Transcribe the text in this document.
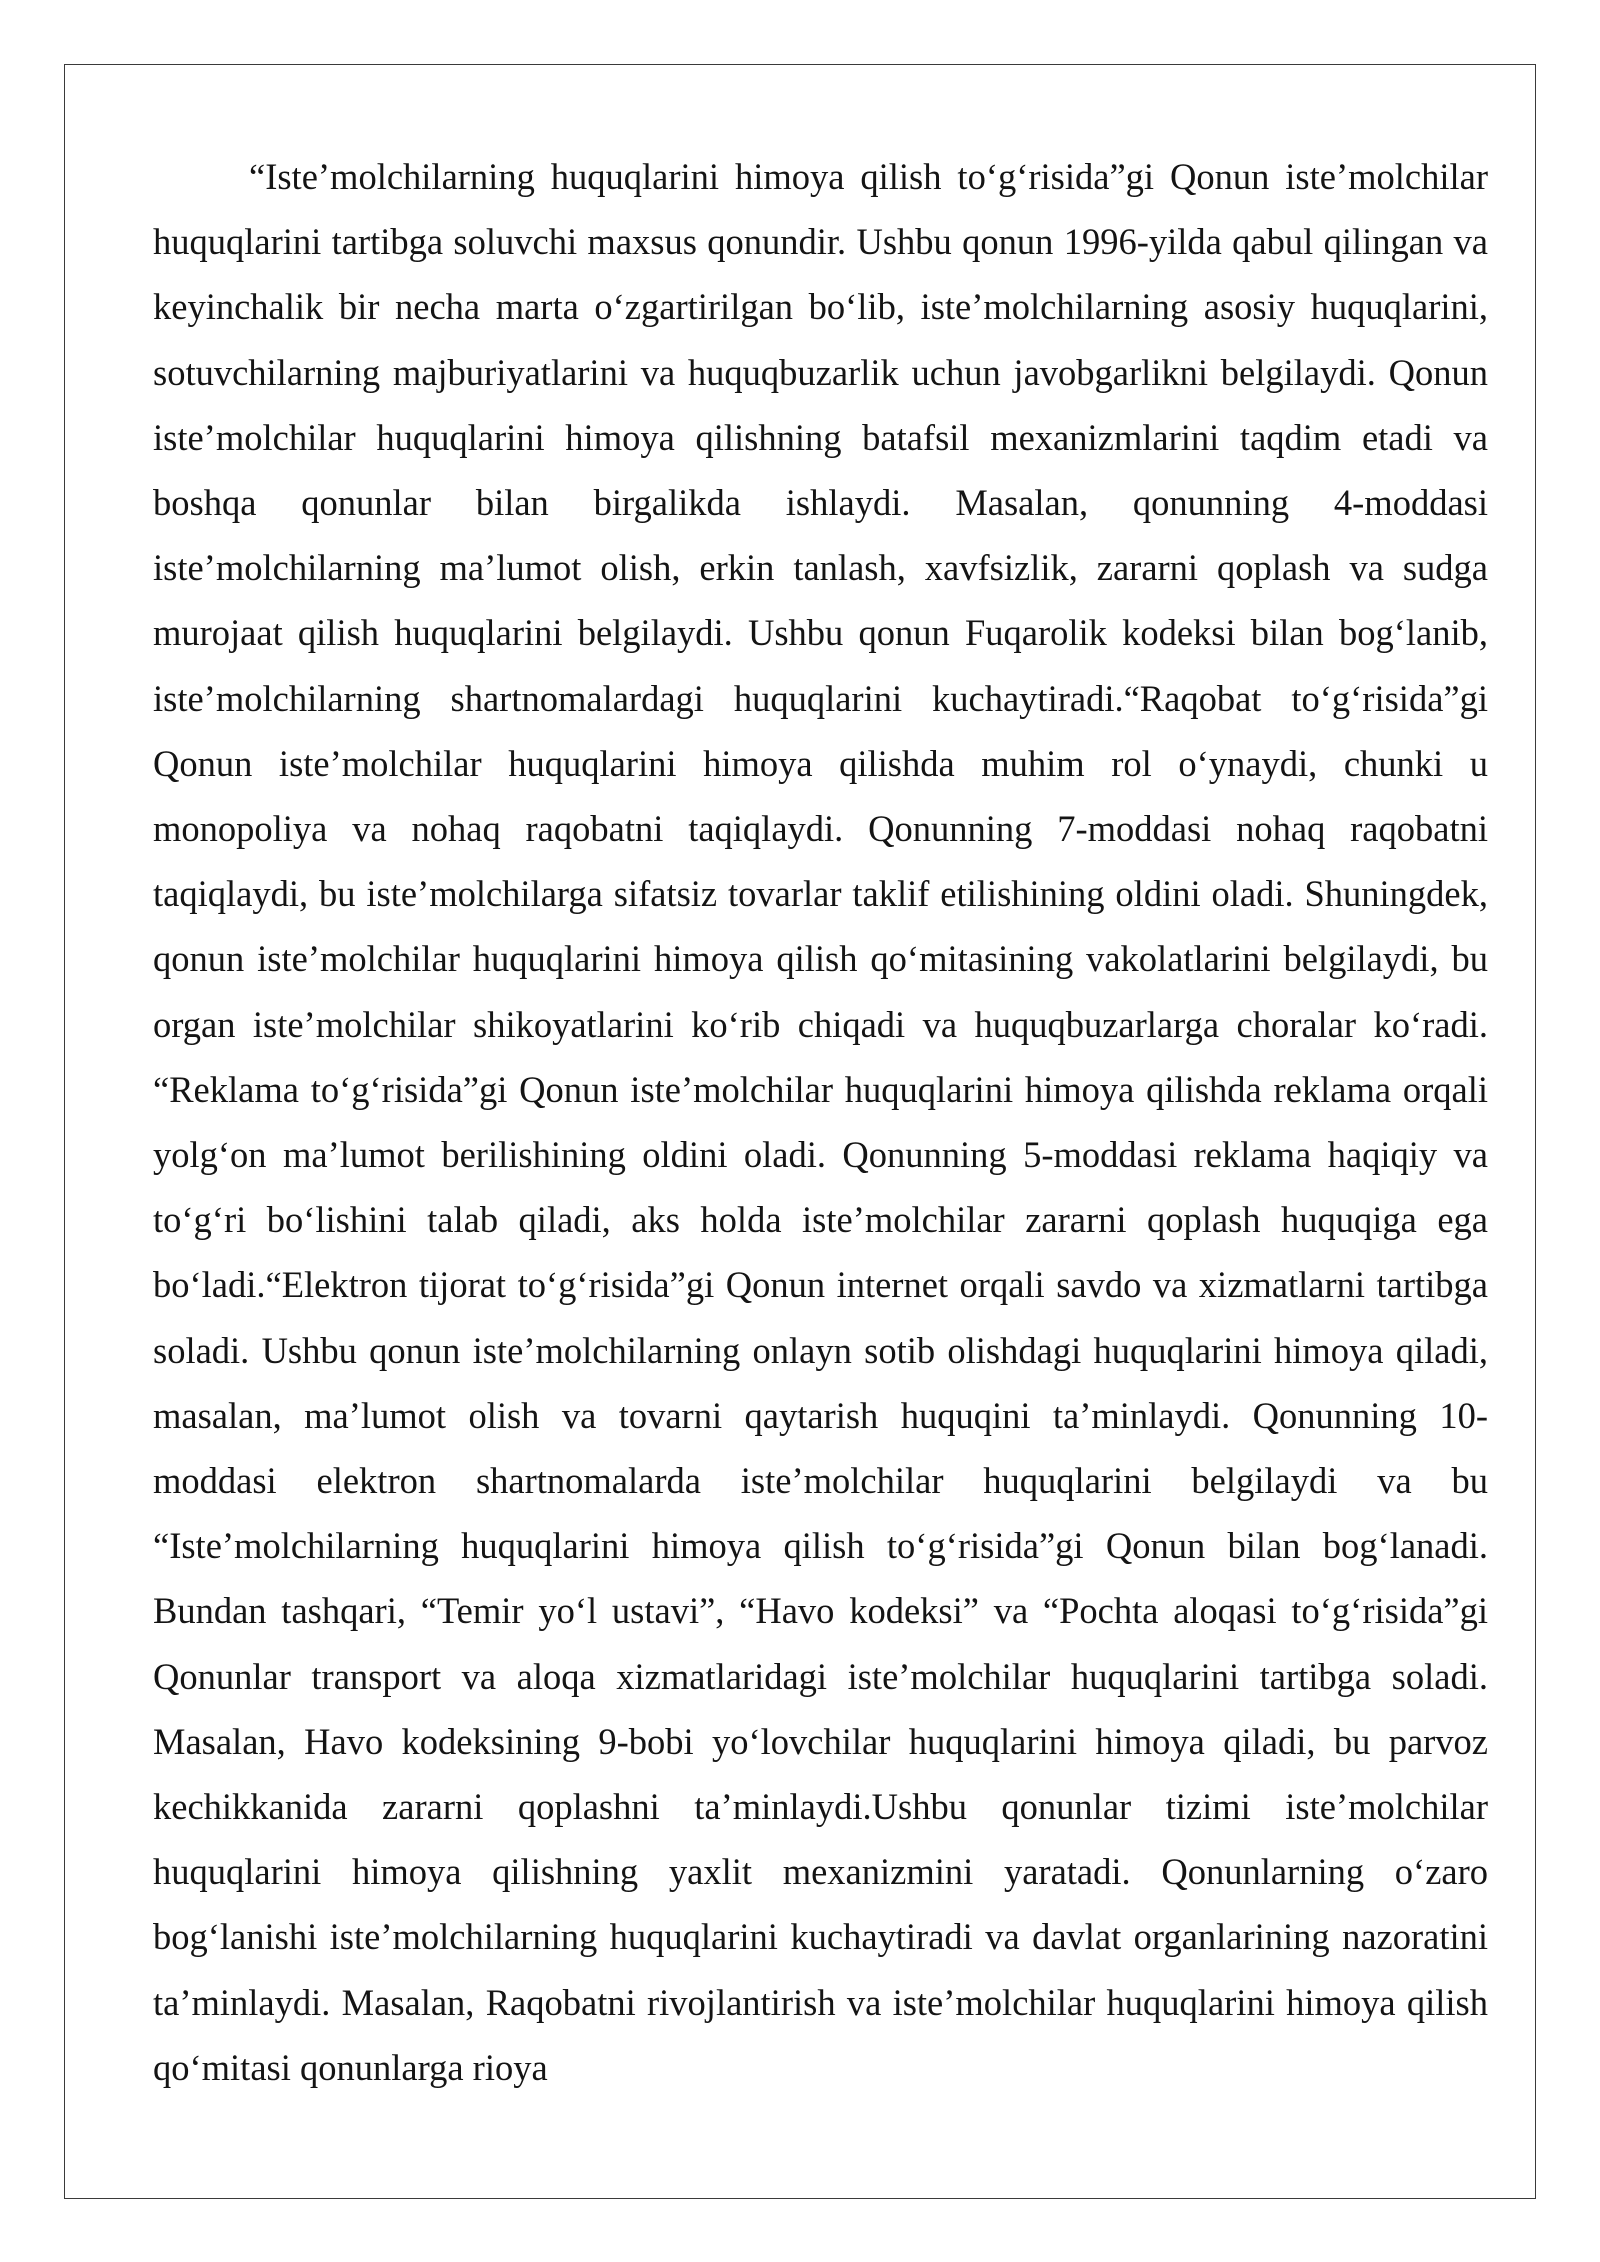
“Iste’molchilarning huquqlarini himoya qilish to‘g‘risida”gi Qonun iste’molchilar huquqlarini tartibga soluvchi maxsus qonundir. Ushbu qonun 1996-yilda qabul qilingan va keyinchalik bir necha marta o‘zgartirilgan bo‘lib, iste’molchilarning asosiy huquqlarini, sotuvchilarning majburiyatlarini va huquqbuzarlik uchun javobgarlikni belgilaydi. Qonun iste’molchilar huquqlarini himoya qilishning batafsil mexanizmlarini taqdim etadi va boshqa qonunlar bilan birgalikda ishlaydi. Masalan, qonunning 4-moddasi iste’molchilarning ma’lumot olish, erkin tanlash, xavfsizlik, zararni qoplash va sudga murojaat qilish huquqlarini belgilaydi. Ushbu qonun Fuqarolik kodeksi bilan bog‘lanib, iste’molchilarning shartnomalardagi huquqlarini kuchaytiradi.“Raqobat to‘g‘risida”gi Qonun iste’molchilar huquqlarini himoya qilishda muhim rol o‘ynaydi, chunki u monopoliya va nohaq raqobatni taqiqlaydi. Qonunning 7-moddasi nohaq raqobatni taqiqlaydi, bu iste’molchilarga sifatsiz tovarlar taklif etilishining oldini oladi. Shuningdek, qonun iste’molchilar huquqlarini himoya qilish qo‘mitasining vakolatlarini belgilaydi, bu organ iste’molchilar shikoyatlarini ko‘rib chiqadi va huquqbuzarlarga choralar ko‘radi. “Reklama to‘g‘risida”gi Qonun iste’molchilar huquqlarini himoya qilishda reklama orqali yolg‘on ma’lumot berilishining oldini oladi. Qonunning 5-moddasi reklama haqiqiy va to‘g‘ri bo‘lishini talab qiladi, aks holda iste’molchilar zararni qoplash huquqiga ega bo‘ladi.“Elektron tijorat to‘g‘risida”gi Qonun internet orqali savdo va xizmatlarni tartibga soladi. Ushbu qonun iste’molchilarning onlayn sotib olishdagi huquqlarini himoya qiladi, masalan, ma’lumot olish va tovarni qaytarish huquqini ta’minlaydi. Qonunning 10-moddasi elektron shartnomalarda iste’molchilar huquqlarini belgilaydi va bu “Iste’molchilarning huquqlarini himoya qilish to‘g‘risida”gi Qonun bilan bog‘lanadi. Bundan tashqari, “Temir yo‘l ustavi”, “Havo kodeksi” va “Pochta aloqasi to‘g‘risida”gi Qonunlar transport va aloqa xizmatlaridagi iste’molchilar huquqlarini tartibga soladi. Masalan, Havo kodeksining 9-bobi yo‘lovchilar huquqlarini himoya qiladi, bu parvoz kechikkanida zararni qoplashni ta’minlaydi.Ushbu qonunlar tizimi iste’molchilar huquqlarini himoya qilishning yaxlit mexanizmini yaratadi. Qonunlarning o‘zaro bog‘lanishi iste’molchilarning huquqlarini kuchaytiradi va davlat organlarining nazoratini ta’minlaydi. Masalan, Raqobatni rivojlantirish va iste’molchilar huquqlarini himoya qilish qo‘mitasi qonunlarga rioya
